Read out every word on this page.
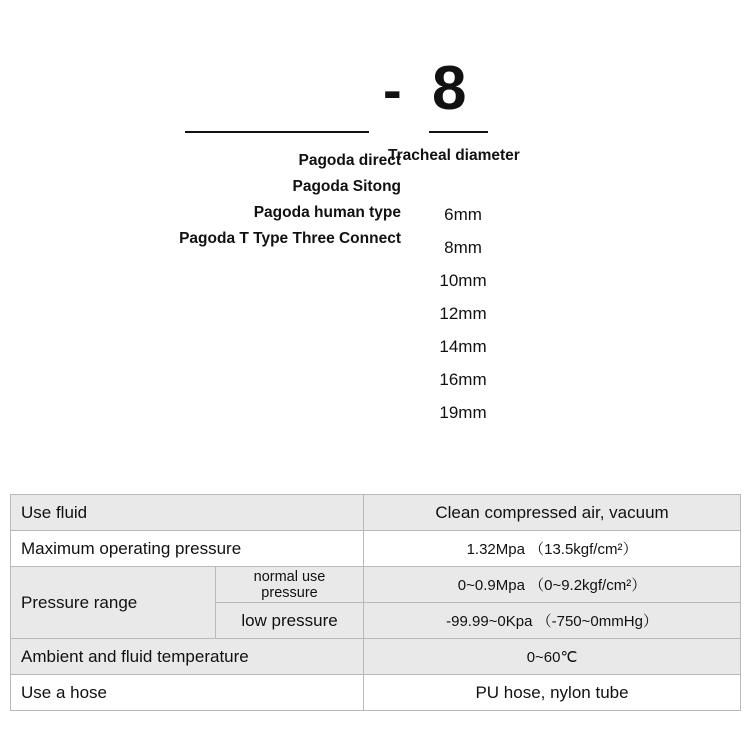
- 8
Pagoda direct
Pagoda Sitong
Pagoda human type
Pagoda T Type Three Connect
Tracheal diameter
6mm
8mm
10mm
12mm
14mm
16mm
19mm
Use fluid		Clean compressed air, vacuum
Maximum operating pressure		1.32Mpa （13.5kgf/cm²）
Pressure range	normal use pressure	0~0.9Mpa （0~9.2kgf/cm²）
	low pressure	-99.99~0Kpa （-750~0mmHg）
Ambient and fluid temperature		0~60℃
Use a hose		PU hose, nylon tube
